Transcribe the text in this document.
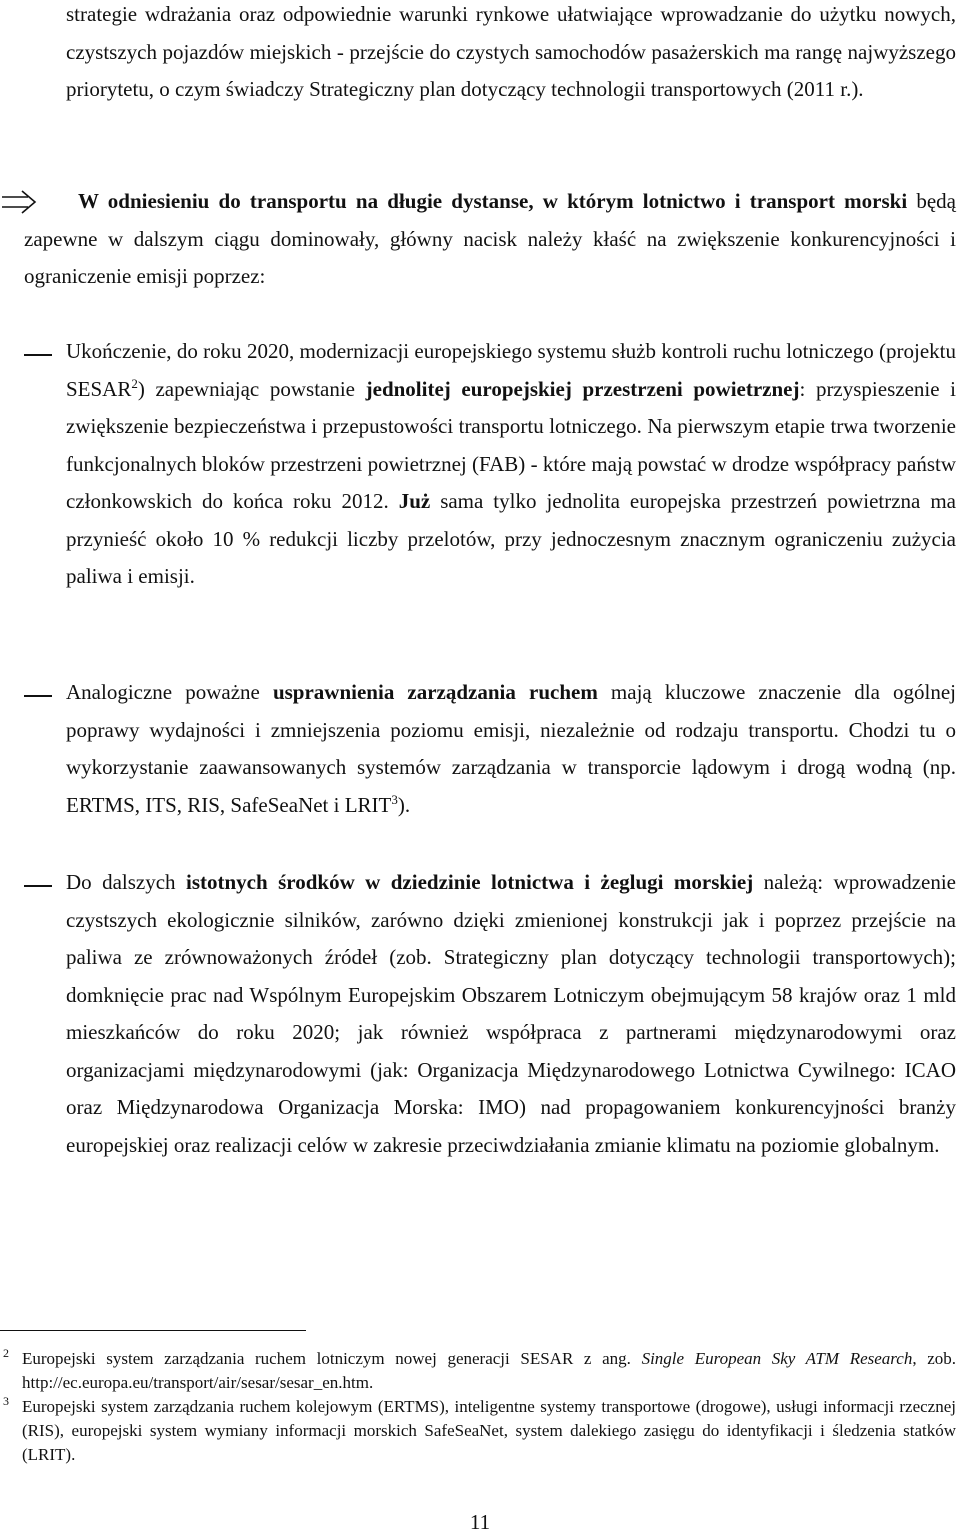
strategie wdrażania oraz odpowiednie warunki rynkowe ułatwiające wprowadzanie do użytku nowych, czystszych pojazdów miejskich - przejście do czystych samochodów pasażerskich ma rangę najwyższego priorytetu, o czym świadczy Strategiczny plan dotyczący technologii transportowych (2011 r.).

W odniesieniu do transportu na długie dystanse, w którym lotnictwo i transport morski będą zapewne w dalszym ciągu dominowały, główny nacisk należy kłaść na zwiększenie konkurencyjności i ograniczenie emisji poprzez:

Ukończenie, do roku 2020, modernizacji europejskiego systemu służb kontroli ruchu lotniczego (projektu SESAR$^2$) zapewniając powstanie jednolitej europejskiej przestrzeni powietrznej: przyspieszenie i zwiększenie bezpieczeństwa i przepustowości transportu lotniczego. Na pierwszym etapie trwa tworzenie funkcjonalnych bloków przestrzeni powietrznej (FAB) - które mają powstać w drodze współpracy państw członkowskich do końca roku 2012. Już sama tylko jednolita europejska przestrzeń powietrzna ma przynieść około 10 % redukcji liczby przelotów, przy jednoczesnym znacznym ograniczeniu zużycia paliwa i emisji.

Analogiczne poważne usprawnienia zarządzania ruchem mają kluczowe znaczenie dla ogólnej poprawy wydajności i zmniejszenia poziomu emisji, niezależnie od rodzaju transportu. Chodzi tu o wykorzystanie zaawansowanych systemów zarządzania w transporcie lądowym i drogą wodną (np. ERTMS, ITS, RIS, SafeSeaNet i LRIT$^3$).

Do dalszych istotnych środków w dziedzinie lotnictwa i żeglugi morskiej należą: wprowadzenie czystszych ekologicznie silników, zarówno dzięki zmienionej konstrukcji jak i poprzez przejście na paliwa ze zrównoważonych źródeł (zob. Strategiczny plan dotyczący technologii transportowych); domknięcie prac nad Wspólnym Europejskim Obszarem Lotniczym obejmującym 58 krajów oraz 1 mld mieszkańców do roku 2020; jak również współpraca z partnerami międzynarodowymi oraz organizacjami międzynarodowymi (jak: Organizacja Międzynarodowego Lotnictwa Cywilnego: ICAO oraz Międzynarodowa Organizacja Morska: IMO) nad propagowaniem konkurencyjności branży europejskiej oraz realizacji celów w zakresie przeciwdziałania zmianie klimatu na poziomie globalnym.

2 Europejski system zarządzania ruchem lotniczym nowej generacji SESAR z ang. Single European Sky ATM Research, zob. http://ec.europa.eu/transport/air/sesar/sesar_en.htm.

3 Europejski system zarządzania ruchem kolejowym (ERTMS), inteligentne systemy transportowe (drogowe), usługi informacji rzecznej (RIS), europejski system wymiany informacji morskich SafeSeaNet, system dalekiego zasięgu do identyfikacji i śledzenia statków (LRIT).

11
